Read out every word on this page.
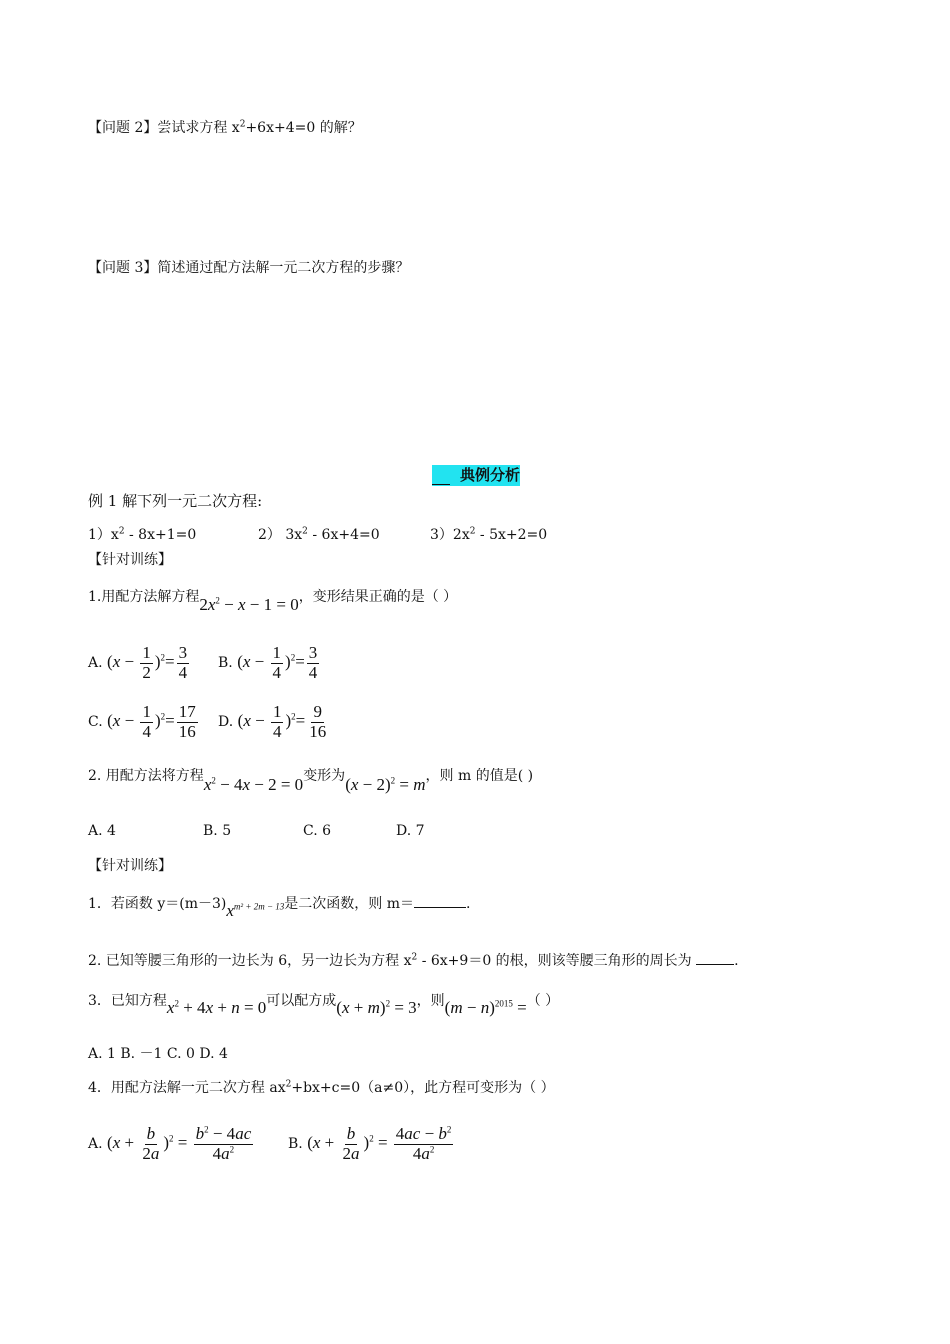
【问题 2】尝试求方程 $x^2+6x+4=0$ 的解？
【问题 3】简述通过配方法解一元二次方程的步骤？
典例分析
例 1 解下列一元二次方程:
$1)x^2 - 8x+1=0$	2） $3x^2 - 6x+4=0$	$3)2x^2 - 5x+2=0$
【针对训练】
1.用配方法解方程$2x^2 - x - 1 = 0$，变形结果正确的是（ ）
A. $(x - \frac{1}{2} )^2= \frac{3}{4} B$. $(x - \frac{1}{4} )^2= \frac{3}{4}$
C. $(x - \frac{1}{4} )^2= \frac{17}{16} D$. $(x - \frac{1}{4} )^2= \frac{9}{16}$
2. 用配方法将方程$x^2 - 4x - 2 = 0$变形为$(x - 2)^2 = m$，则 m 的值是( )
A. 4	B. 5	C. 6	D. 7
【针对训练】
1．若函数 $y=(m-3)x^{m^2 + 2m - 13}$是二次函数，则 m＝	.
2. 已知等腰三角形的一边长为 6，另一边长为方程 $x^2 - 6x+9=0$ 的根，则该等腰三角形的周长为	.
3．已知方程$x^2 + 4x + n = 0$可以配方成$(x + m)^2 = 3$，则$(m - n)^{2015}$ =（ ）
A. 1 B. －1 C. 0 D. 4
4．用配方法解一元二次方程 $ax^2+bx+c=0(a\ne 0)$，此方程可变形为（ ）
A. $(x + \frac{b}{2a} )^2 = \frac{b^2 - 4ac}{4a^2} B$. $(x + \frac{b}{2a} )^2 = \frac{4ac - b^2}{4a^2}$
